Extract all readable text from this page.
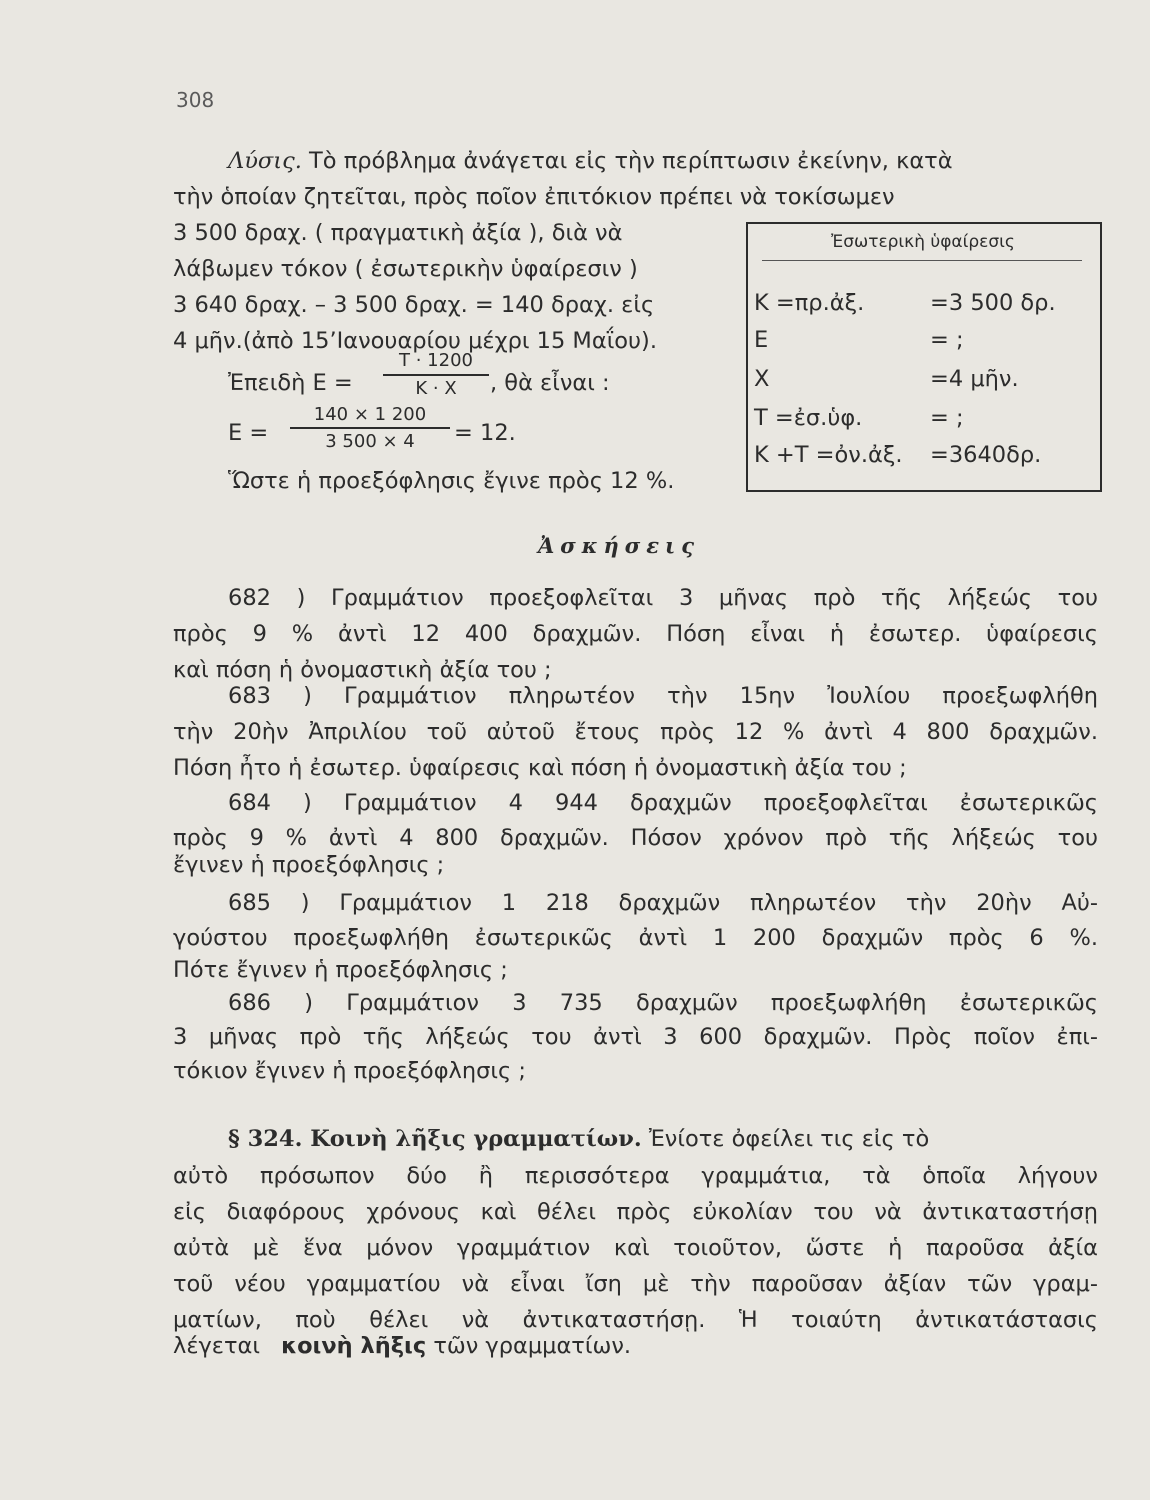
308
Λύσις. Τὸ πρόβλημα ἀνάγεται εἰς τὴν περίπτωσιν ἐκείνην, κατὰ
τὴν ὁποίαν ζητεῖται, πρὸς ποῖον ἐπιτόκιον πρέπει νὰ τοκίσωμεν
3 500 δραχ. ( πραγματικὴ ἀξία ), διὰ νὰ
λάβωμεν τόκον ( ἐσωτερικὴν ὑφαίρεσιν )
3 640 δραχ. – 3 500 δραχ. = 140 δραχ. εἰς
4 μῆν.(ἀπὸ 15’Ιανουαρίου μέχρι 15 Μαΐου).
Ἐπειδὴ E =
T · 1200
K · X	, θὰ εἶναι :
E =
140 × 1 200
3 500 × 4	= 12.
Ὥστε ἡ προεξόφλησις ἔγινε πρὸς 12 %.
Ἐσωτερικὴ ὑφαίρεσις
K =πρ.ἀξ.	=3 500 δρ.
E	= ;
X	=4 μῆν.
T =ἐσ.ὑφ.	= ;
K +T =ὀν.ἀξ. =3640δρ.
Ἀσκήσεις
682 ) Γραμμάτιον προεξοφλεῖται 3 μῆνας πρὸ τῆς λήξεώς του
πρὸς 9 % ἀντὶ 12 400 δραχμῶν. Πόση εἶναι ἡ ἐσωτερ. ὑφαίρεσις
καὶ πόση ἡ ὀνομαστικὴ ἀξία του ;
683 ) Γραμμάτιον πληρωτέον τὴν 15ην Ἰουλίου προεξωφλήθη
τὴν 20ὴν Ἀπριλίου τοῦ αὐτοῦ ἔτους πρὸς 12 % ἀντὶ 4 800 δραχμῶν.
Πόση ἦτο ἡ ἐσωτερ. ὑφαίρεσις καὶ πόση ἡ ὀνομαστικὴ ἀξία του ;
684 ) Γραμμάτιον 4 944 δραχμῶν προεξοφλεῖται ἐσωτερικῶς
πρὸς 9 % ἀντὶ 4 800 δραχμῶν. Πόσον χρόνον πρὸ τῆς λήξεώς του
ἔγινεν ἡ προεξόφλησις ;
685 ) Γραμμάτιον 1 218 δραχμῶν πληρωτέον τὴν 20ὴν Αὐ-
γούστου προεξωφλήθη ἐσωτερικῶς ἀντὶ 1 200 δραχμῶν πρὸς 6 %.
Πότε ἔγινεν ἡ προεξόφλησις ;
686 ) Γραμμάτιον 3 735 δραχμῶν προεξωφλήθη ἐσωτερικῶς
3 μῆνας πρὸ τῆς λήξεώς του ἀντὶ 3 600 δραχμῶν. Πρὸς ποῖον ἐπι-
τόκιον ἔγινεν ἡ προεξόφλησις ;
§ 324. Κοινὴ λῆξις γραμματίων. Ἐνίοτε ὀφείλει τις εἰς τὸ
αὐτὸ πρόσωπον δύο ἢ περισσότερα γραμμάτια, τὰ ὁποῖα λήγουν
εἰς διαφόρους χρόνους καὶ θέλει πρὸς εὐκολίαν του νὰ ἀντικαταστήσῃ
αὐτὰ μὲ ἕνα μόνον γραμμάτιον καὶ τοιοῦτον, ὥστε ἡ παροῦσα ἀξία
τοῦ νέου γραμματίου νὰ εἶναι ἴση μὲ τὴν παροῦσαν ἀξίαν τῶν γραμ-
ματίων, ποὺ θέλει νὰ ἀντικαταστήσῃ. Ἡ τοιαύτη ἀντικατάστασις
λέγεται κοινὴ λῆξις τῶν γραμματίων.
